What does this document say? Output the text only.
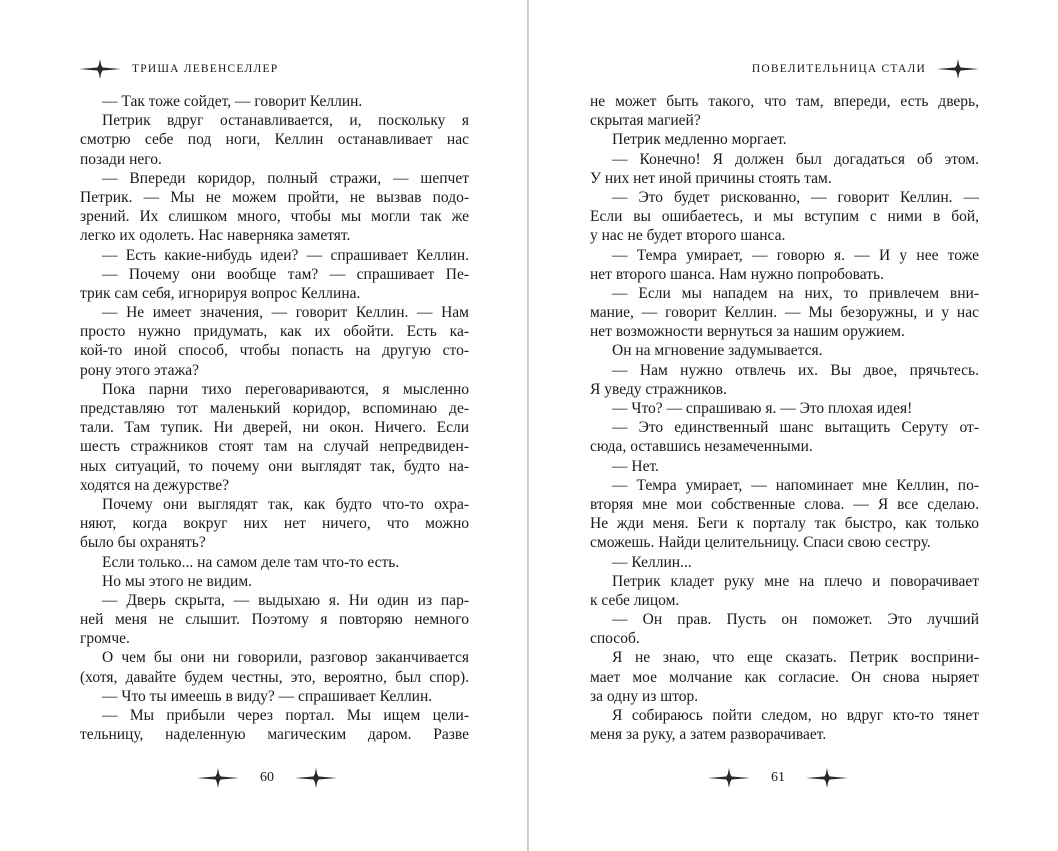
ТРИША ЛЕВЕНСЕЛЛЕР
— Так тоже сойдет, — говорит Келлин.
Петрик вдруг останавливается, и, поскольку я
смотрю себе под ноги, Келлин останавливает нас
позади него.
— Впереди коридор, полный стражи, — шепчет
Петрик. — Мы не можем пройти, не вызвав подо-
зрений. Их слишком много, чтобы мы могли так же
легко их одолеть. Нас наверняка заметят.
— Есть какие-нибудь идеи? — спрашивает Келлин.
— Почему они вообще там? — спрашивает Пе-
трик сам себя, игнорируя вопрос Келлина.
— Не имеет значения, — говорит Келлин. — Нам
просто нужно придумать, как их обойти. Есть ка-
кой-то иной способ, чтобы попасть на другую сто-
рону этого этажа?
Пока парни тихо переговариваются, я мысленно
представляю тот маленький коридор, вспоминаю де-
тали. Там тупик. Ни дверей, ни окон. Ничего. Если
шесть стражников стоят там на случай непредвиден-
ных ситуаций, то почему они выглядят так, будто на-
ходятся на дежурстве?
Почему они выглядят так, как будто что-то охра-
няют, когда вокруг них нет ничего, что можно
было бы охранять?
Если только... на самом деле там что-то есть.
Но мы этого не видим.
— Дверь скрыта, — выдыхаю я. Ни один из пар-
ней меня не слышит. Поэтому я повторяю немного
громче.
О чем бы они ни говорили, разговор заканчивается
(хотя, давайте будем честны, это, вероятно, был спор).
— Что ты имеешь в виду? — спрашивает Келлин.
— Мы прибыли через портал. Мы ищем цели-
тельницу, наделенную магическим даром. Разве
60
ПОВЕЛИТЕЛЬНИЦА СТАЛИ
не может быть такого, что там, впереди, есть дверь,
скрытая магией?
Петрик медленно моргает.
— Конечно! Я должен был догадаться об этом.
У них нет иной причины стоять там.
— Это будет рискованно, — говорит Келлин. —
Если вы ошибаетесь, и мы вступим с ними в бой,
у нас не будет второго шанса.
— Темра умирает, — говорю я. — И у нее тоже
нет второго шанса. Нам нужно попробовать.
— Если мы нападем на них, то привлечем вни-
мание, — говорит Келлин. — Мы безоружны, и у нас
нет возможности вернуться за нашим оружием.
Он на мгновение задумывается.
— Нам нужно отвлечь их. Вы двое, прячьтесь.
Я уведу стражников.
— Что? — спрашиваю я. — Это плохая идея!
— Это единственный шанс вытащить Серуту от-
сюда, оставшись незамеченными.
— Нет.
— Темра умирает, — напоминает мне Келлин, по-
вторяя мне мои собственные слова. — Я все сделаю.
Не жди меня. Беги к порталу так быстро, как только
сможешь. Найди целительницу. Спаси свою сестру.
— Келлин...
Петрик кладет руку мне на плечо и поворачивает
к себе лицом.
— Он прав. Пусть он поможет. Это лучший
способ.
Я не знаю, что еще сказать. Петрик восприни-
мает мое молчание как согласие. Он снова ныряет
за одну из штор.
Я собираюсь пойти следом, но вдруг кто-то тянет
меня за руку, а затем разворачивает.
61
